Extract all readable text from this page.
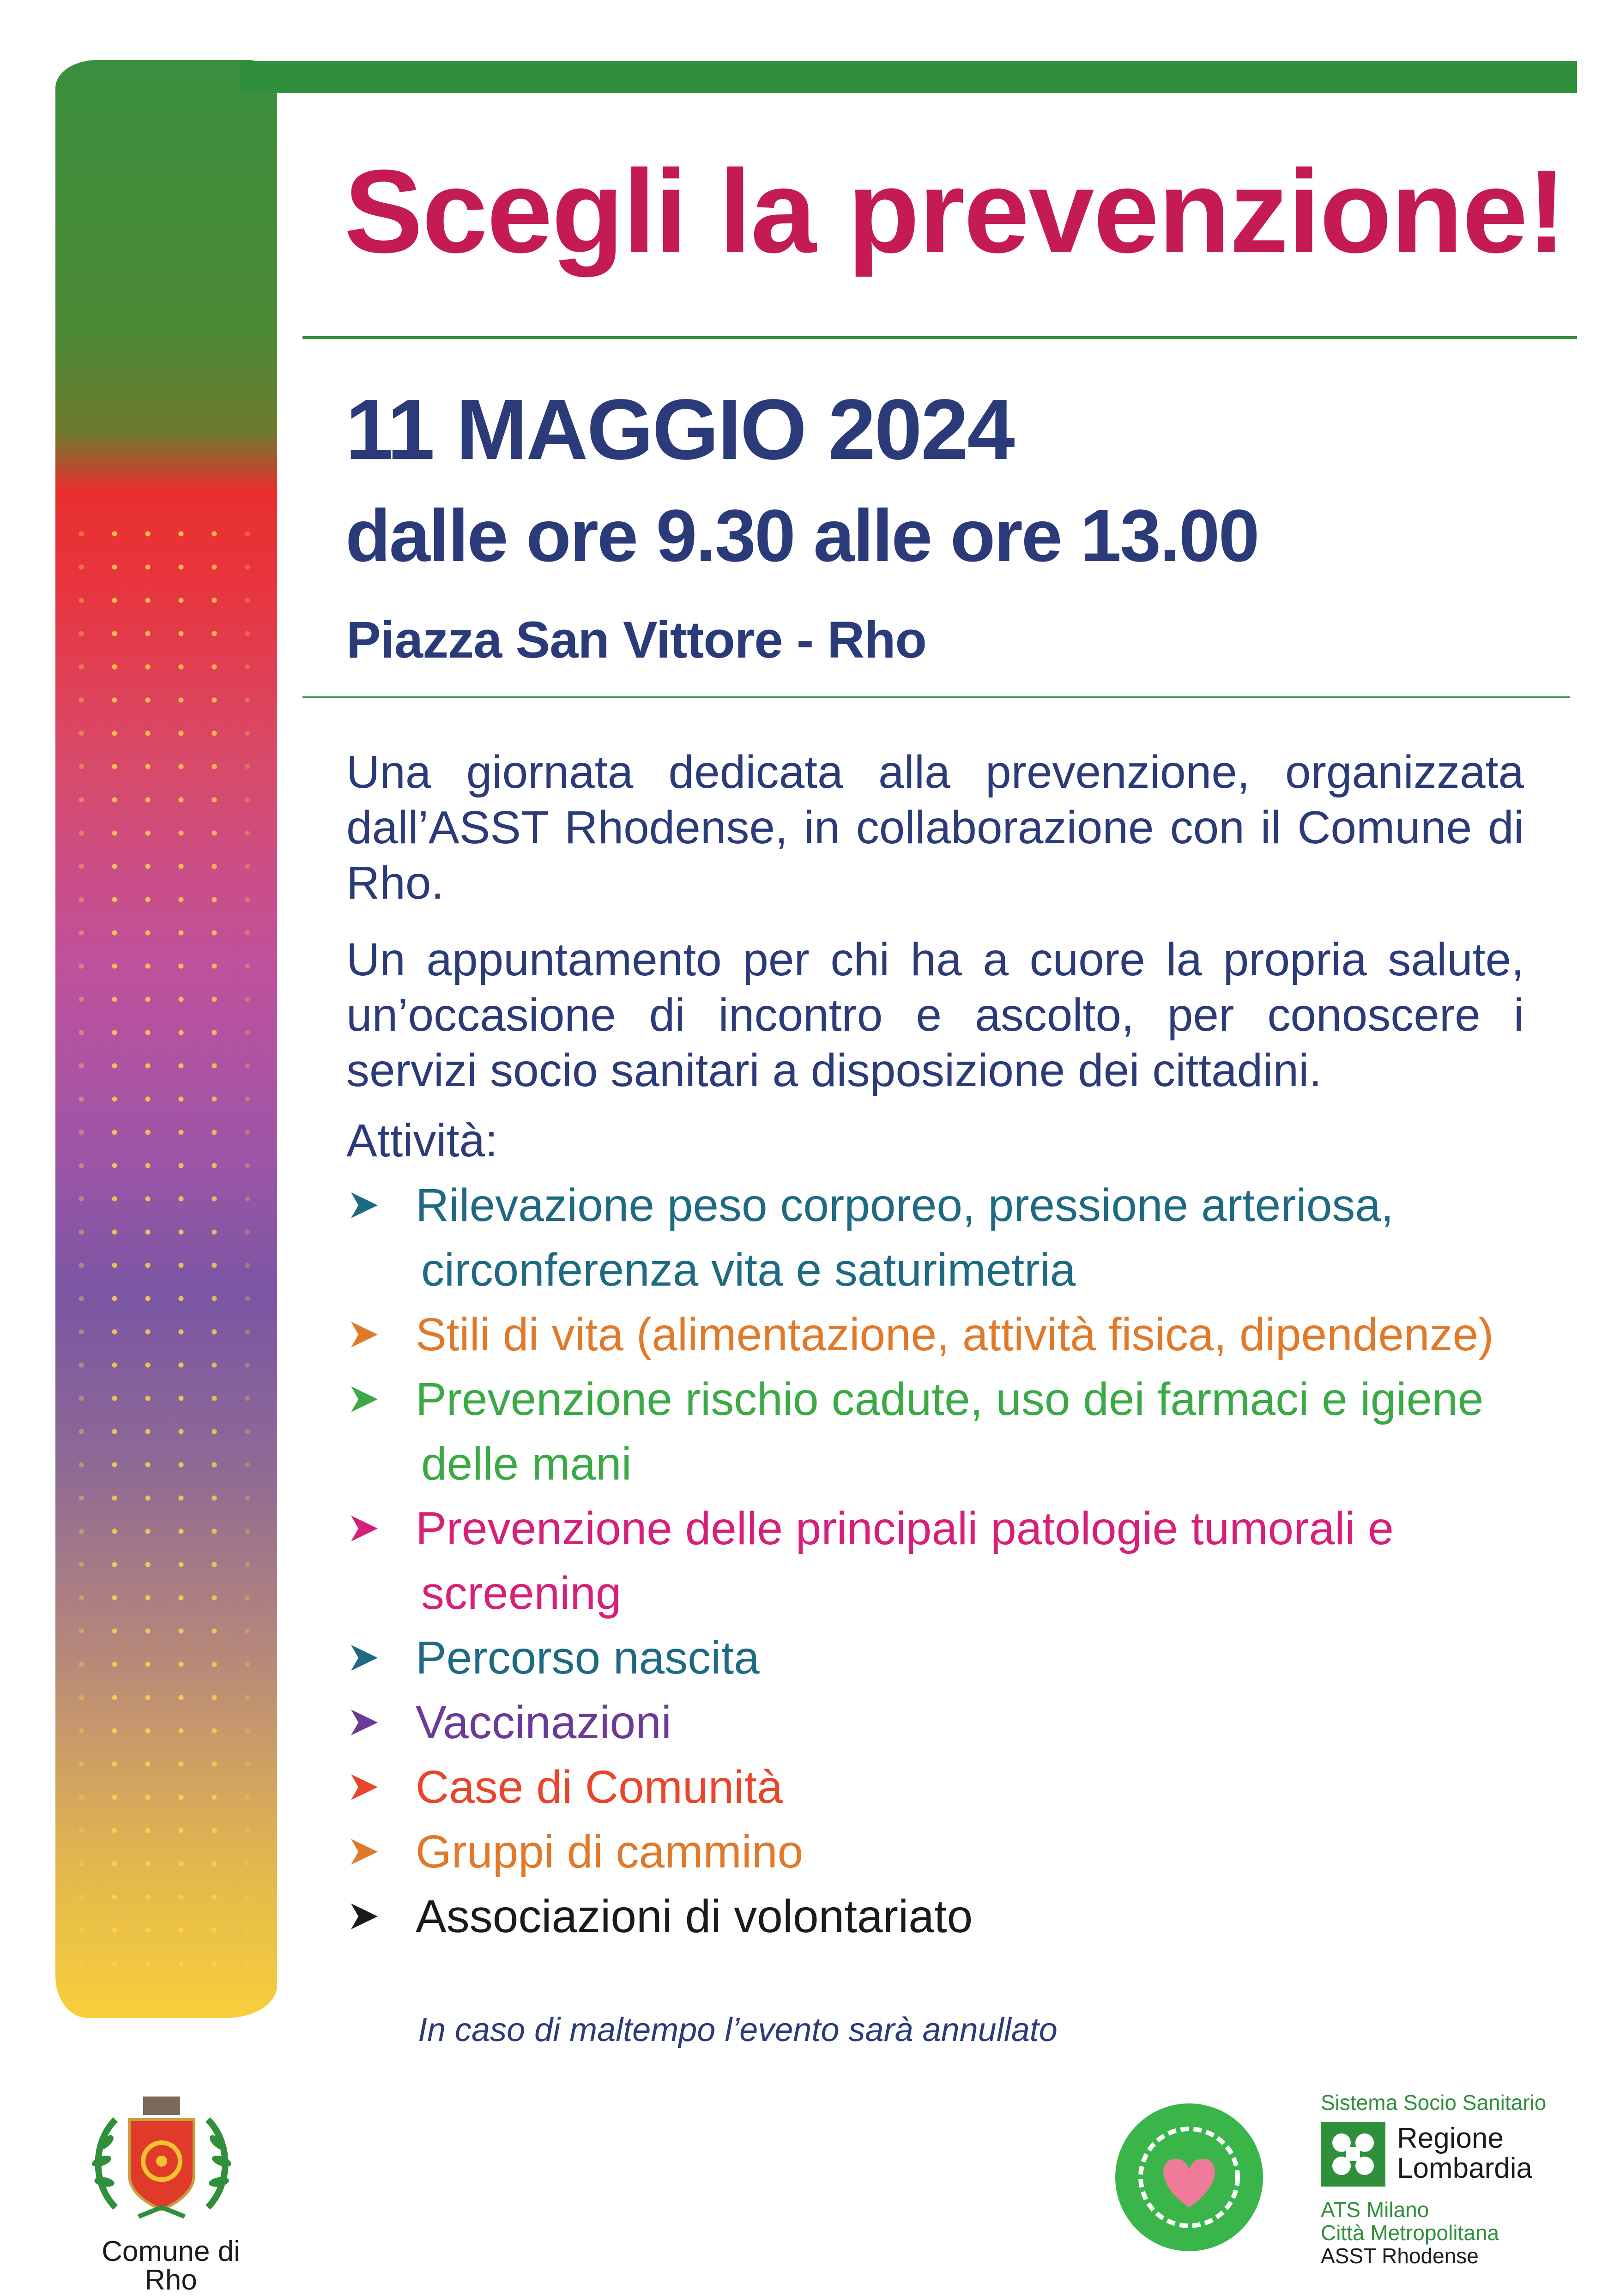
Scegli la prevenzione!
11 MAGGIO 2024
dalle ore 9.30 alle ore 13.00
Piazza San Vittore - Rho
Una giornata dedicata alla prevenzione, organizzata dall’ASST Rhodense, in collaborazione con il Comune di Rho.
Un appuntamento per chi ha a cuore la propria salute, un’occasione di incontro e ascolto, per conoscere i servizi socio sanitari a disposizione dei cittadini.
Attività:
Rilevazione peso corporeo, pressione arteriosa,
circonferenza vita e saturimetria
Stili di vita (alimentazione, attività fisica, dipendenze)
Prevenzione rischio cadute, uso dei farmaci e igiene
delle mani
Prevenzione delle principali patologie tumorali e
screening
Percorso nascita
Vaccinazioni
Case di Comunità
Gruppi di cammino
Associazioni di volontariato
In caso di maltempo l’evento sarà annullato
Comune di Rho
Sistema Socio Sanitario
Regione
Lombardia
ATS Milano
Città Metropolitana
ASST Rhodense
